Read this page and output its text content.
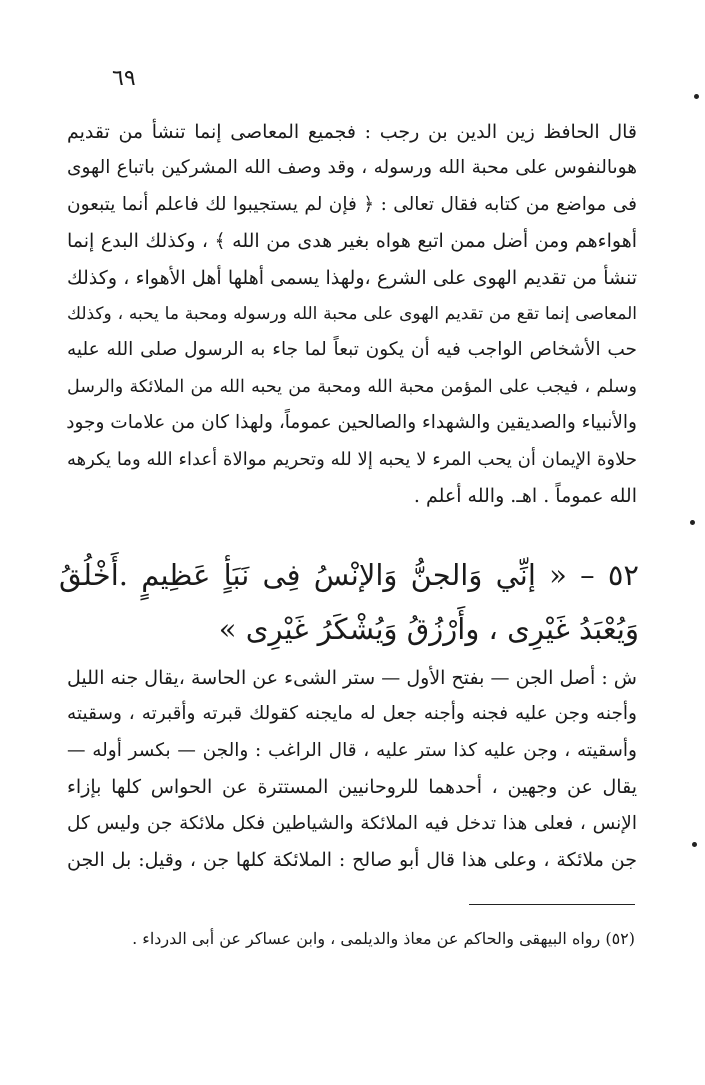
٦٩
قال الحافظ زين الدين بن رجب : فجميع المعاصى إنما تنشأ من تقديم
هوىالنفوس على محبة الله ورسوله ، وقد وصف الله المشركين باتباع الهوى
فى مواضع من كتابه فقال تعالى : ﴿ فإن لم يستجيبوا لك فاعلم أنما يتبعون
أهواءهم ومن أضل ممن اتبع هواه بغير هدى من الله ﴾ ، وكذلك البدع إنما
تنشأ من تقديم الهوى على الشرع ،ولهذا يسمى أهلها أهل الأهواء ، وكذلك
المعاصى إنما تقع من تقديم الهوى على محبة الله ورسوله ومحبة ما يحبه ، وكذلك
حب الأشخاص الواجب فيه أن يكون تبعاً لما جاء به الرسول صلى الله عليه
وسلم ، فيجب على المؤمن محبة الله ومحبة من يحبه الله من الملائكة والرسل
والأنبياء والصديقين والشهداء والصالحين عموماً، ولهذا كان من علامات وجود
حلاوة الإيمان أن يحب المرء لا يحبه إلا لله وتحريم موالاة أعداء الله وما يكرهه
الله عموماً . اهـ. والله أعلم .
٥٢ – « إنِّي وَالجنُّ وَالإنْسُ فِى نَبَأٍ عَظِيمٍ .أَخْلُقُ
وَيُعْبَدُ غَيْرِى ، وأَرْزُقُ وَيُشْكَرُ غَيْرِى »
ش : أصل الجن — بفتح الأول — ستر الشىء عن الحاسة ،يقال جنه الليل
وأجنه وجن عليه فجنه وأجنه جعل له مايجنه كقولك قبرته وأقبرته ، وسقيته
وأسقيته ، وجن عليه كذا ستر عليه ، قال الراغب : والجن — بكسر أوله —
يقال عن وجهين ، أحدهما للروحانيين المستترة عن الحواس كلها بإزاء
الإنس ، فعلى هذا تدخل فيه الملائكة والشياطين فكل ملائكة جن وليس كل
جن ملائكة ، وعلى هذا قال أبو صالح : الملائكة كلها جن ، وقيل: بل الجن
(٥٢) رواه البيهقى والحاكم عن معاذ والديلمى ، وابن عساكر عن أبى الدرداء .
